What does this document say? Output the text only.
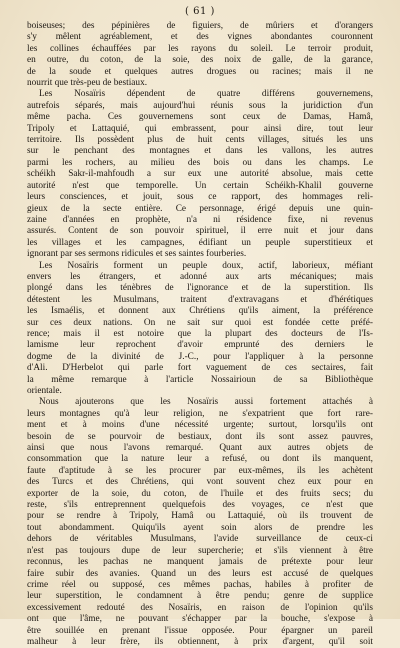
( 61 )
boiseuses; des pépinières de figuiers, de mûriers et d'orangers
s'y mêlent agréablement, et des vignes abondantes couronnent
les collines échauffées par les rayons du soleil. Le terroir produit,
en outre, du coton, de la soie, des noix de galle, de la garance,
de la soude et quelques autres drogues ou racines; mais il ne
nourrit que très-peu de bestiaux.
Les Nosaïris dépendent de quatre différens gouvernemens,
autrefois séparés, mais aujourd'hui réunis sous la juridiction d'un
même pacha. Ces gouvernemens sont ceux de Damas, Hamâ,
Tripoly et Lattaquié, qui embrassent, pour ainsi dire, tout leur
territoire. Ils possèdent plus de huit cents villages, situés les uns
sur le penchant des montagnes et dans les vallons, les autres
parmi les rochers, au milieu des bois ou dans les champs. Le
schéikh Sakr-il-mahfoudh a sur eux une autorité absolue, mais cette
autorité n'est que temporelle. Un certain Schéikh-Khalil gouverne
leurs consciences, et jouit, sous ce rapport, des hommages reli-
gieux de la secte entière. Ce personnage, érigé depuis une quin-
zaine d'années en prophète, n'a ni résidence fixe, ni revenus
assurés. Content de son pouvoir spirituel, il erre nuit et jour dans
les villages et les campagnes, édifiant un peuple superstitieux et
ignorant par ses sermons ridicules et ses saintes fourberies.
Les Nosaïris forment un peuple doux, actif, laborieux, méfiant
envers les étrangers, et adonné aux arts mécaniques; mais
plongé dans les ténèbres de l'ignorance et de la superstition. Ils
détestent les Musulmans, traitent d'extravagans et d'hérétiques
les Ismaélis, et donnent aux Chrétiens qu'ils aiment, la préférence
sur ces deux nations. On ne sait sur quoi est fondée cette préfé-
rence; mais il est notoire que la plupart des docteurs de l'Is-
lamisme leur reprochent d'avoir emprunté des derniers le
dogme de la divinité de J.-C., pour l'appliquer à la personne
d'Ali. D'Herbelot qui parle fort vaguement de ces sectaires, fait
la même remarque à l'article Nossairioun de sa Bibliothèque
orientale.
Nous ajouterons que les Nosaïris aussi fortement attachés à
leurs montagnes qu'à leur religion, ne s'expatrient que fort rare-
ment et à moins d'une nécessité urgente; surtout, lorsqu'ils ont
besoin de se pourvoir de bestiaux, dont ils sont assez pauvres,
ainsi que nous l'avons remarqué. Quant aux autres objets de
consommation que la nature leur a refusé, ou dont ils manquent,
faute d'aptitude à se les procurer par eux-mêmes, ils les achètent
des Turcs et des Chrétiens, qui vont souvent chez eux pour en
exporter de la soie, du coton, de l'huile et des fruits secs; du
reste, s'ils entreprennent quelquefois des voyages, ce n'est que
pour se rendre à Tripoly, Hamâ ou Lattaquié, où ils trouvent de
tout abondamment. Quiqu'ils ayent soin alors de prendre les
dehors de véritables Musulmans, l'avide surveillance de ceux-ci
n'est pas toujours dupe de leur supercherie; et s'ils viennent à être
reconnus, les pachas ne manquent jamais de prétexte pour leur
faire subir des avanies. Quand un des leurs est accusé de quelques
crime réel ou supposé, ces mêmes pachas, habiles à profiter de
leur superstition, le condamnent à être pendu; genre de supplice
excessivement redouté des Nosaïris, en raison de l'opinion qu'ils
ont que l'âme, ne pouvant s'échapper par la bouche, s'expose à
être souillée en prenant l'issue opposée. Pour épargner un pareil
malheur à leur frère, ils obtiennent, à prix d'argent, qu'il soit
